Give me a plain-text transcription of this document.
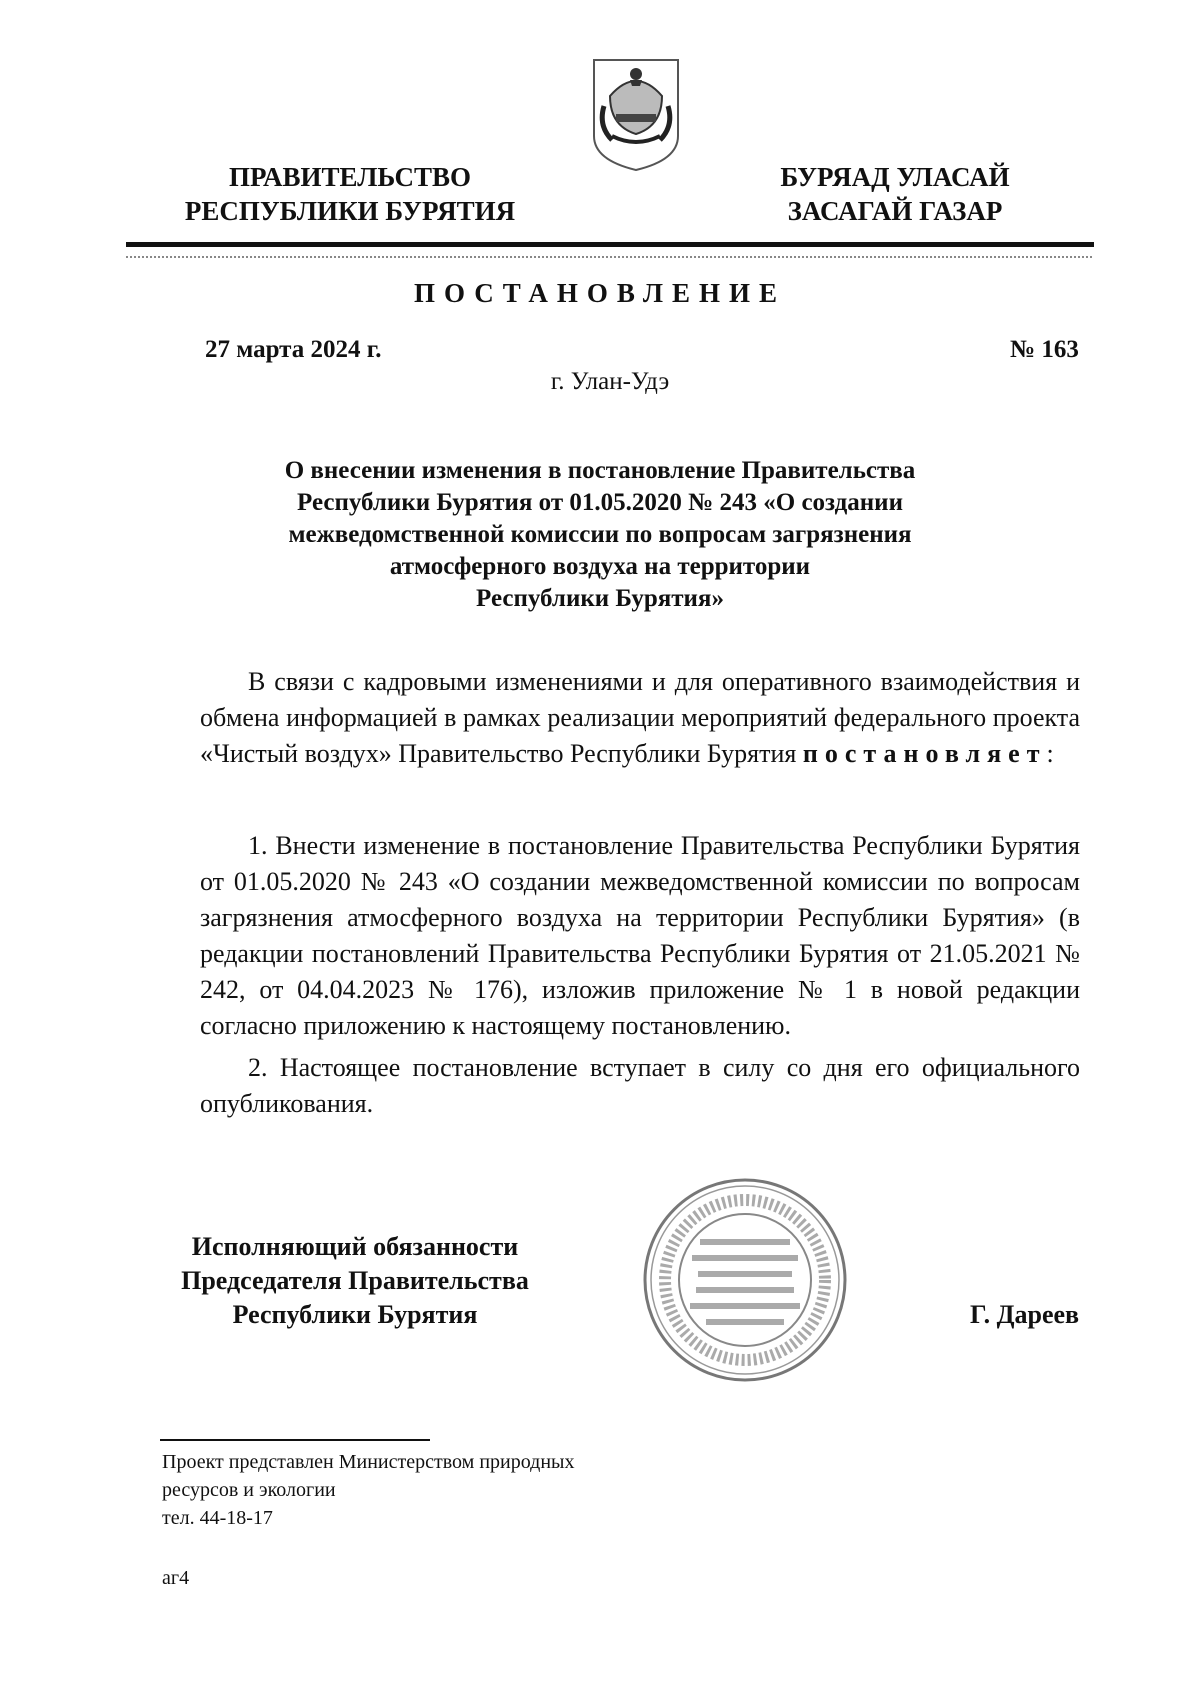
ПРАВИТЕЛЬСТВО
РЕСПУБЛИКИ БУРЯТИЯ
БУРЯАД УЛАСАЙ
ЗАСАГАЙ ГАЗАР
ПОСТАНОВЛЕНИЕ
27 марта 2024 г.	№ 163
г. Улан-Удэ
О внесении изменения в постановление Правительства
Республики Бурятия от 01.05.2020 № 243 «О создании
межведомственной комиссии по вопросам загрязнения
атмосферного воздуха на территории
Республики Бурятия»
В связи с кадровыми изменениями и для оперативного взаимодействия и обмена информацией в рамках реализации мероприятий федерального проекта «Чистый воздух» Правительство Республики Бурятия постановляет:
1. Внести изменение в постановление Правительства Республики Бурятия от 01.05.2020 № 243 «О создании межведомственной комиссии по вопросам загрязнения атмосферного воздуха на территории Республики Бурятия» (в редакции постановлений Правительства Республики Бурятия от 21.05.2021 № 242, от 04.04.2023 № 176), изложив приложение № 1 в новой редакции согласно приложению к настоящему постановлению.
2. Настоящее постановление вступает в силу со дня его официального опубликования.
Исполняющий обязанности
Председателя Правительства
Республики Бурятия	Г. Дареев
Проект представлен Министерством природных
ресурсов и экологии
тел. 44-18-17
аг4
